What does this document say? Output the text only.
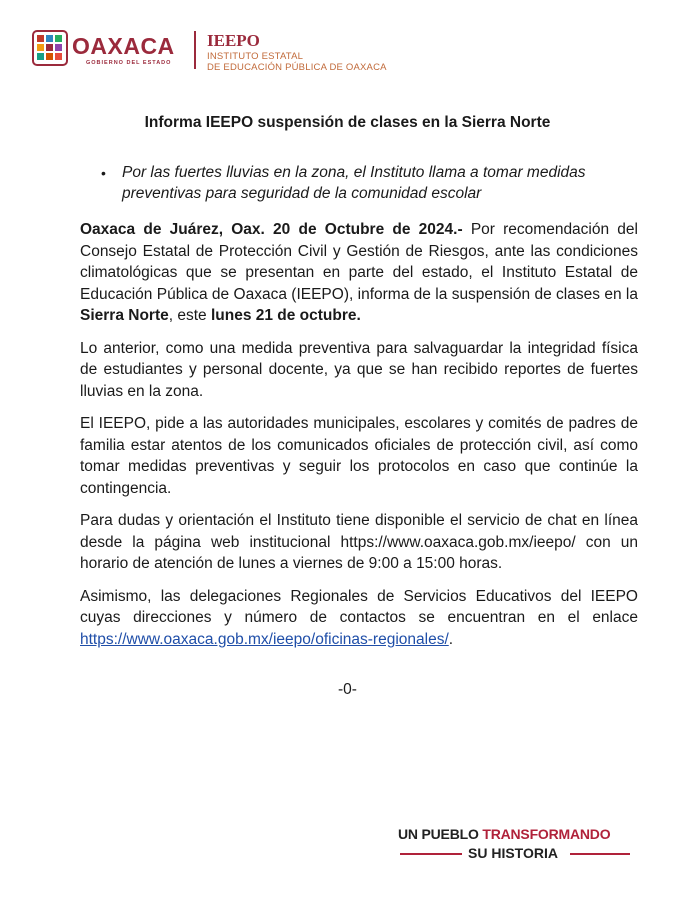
OAXACA
GOBIERNO DEL ESTADO
IEEPO
INSTITUTO ESTATAL
DE EDUCACIÓN PÚBLICA DE OAXACA
Informa IEEPO suspensión de clases en la Sierra Norte
•	Por las fuertes lluvias en la zona, el Instituto llama a tomar medidas preventivas para seguridad de la comunidad escolar

Oaxaca de Juárez, Oax. 20 de Octubre de 2024.- Por recomendación del Consejo Estatal de Protección Civil y Gestión de Riesgos, ante las condiciones climatológicas que se presentan en parte del estado, el Instituto Estatal de Educación Pública de Oaxaca (IEEPO), informa de la suspensión de clases en la Sierra Norte, este lunes 21 de octubre.

Lo anterior, como una medida preventiva para salvaguardar la integridad física de estudiantes y personal docente, ya que se han recibido reportes de fuertes lluvias en la zona.

El IEEPO, pide a las autoridades municipales, escolares y comités de padres de familia estar atentos de los comunicados oficiales de protección civil, así como tomar medidas preventivas y seguir los protocolos en caso que continúe la contingencia.

Para dudas y orientación el Instituto tiene disponible el servicio de chat en línea desde la página web institucional https://www.oaxaca.gob.mx/ieepo/ con un horario de atención de lunes a viernes de 9:00 a 15:00 horas.

Asimismo, las delegaciones Regionales de Servicios Educativos del IEEPO cuyas direcciones y número de contactos se encuentran en el enlace https://www.oaxaca.gob.mx/ieepo/oficinas-regionales/.

-0-
UN PUEBLO TRANSFORMANDO
SU HISTORIA
